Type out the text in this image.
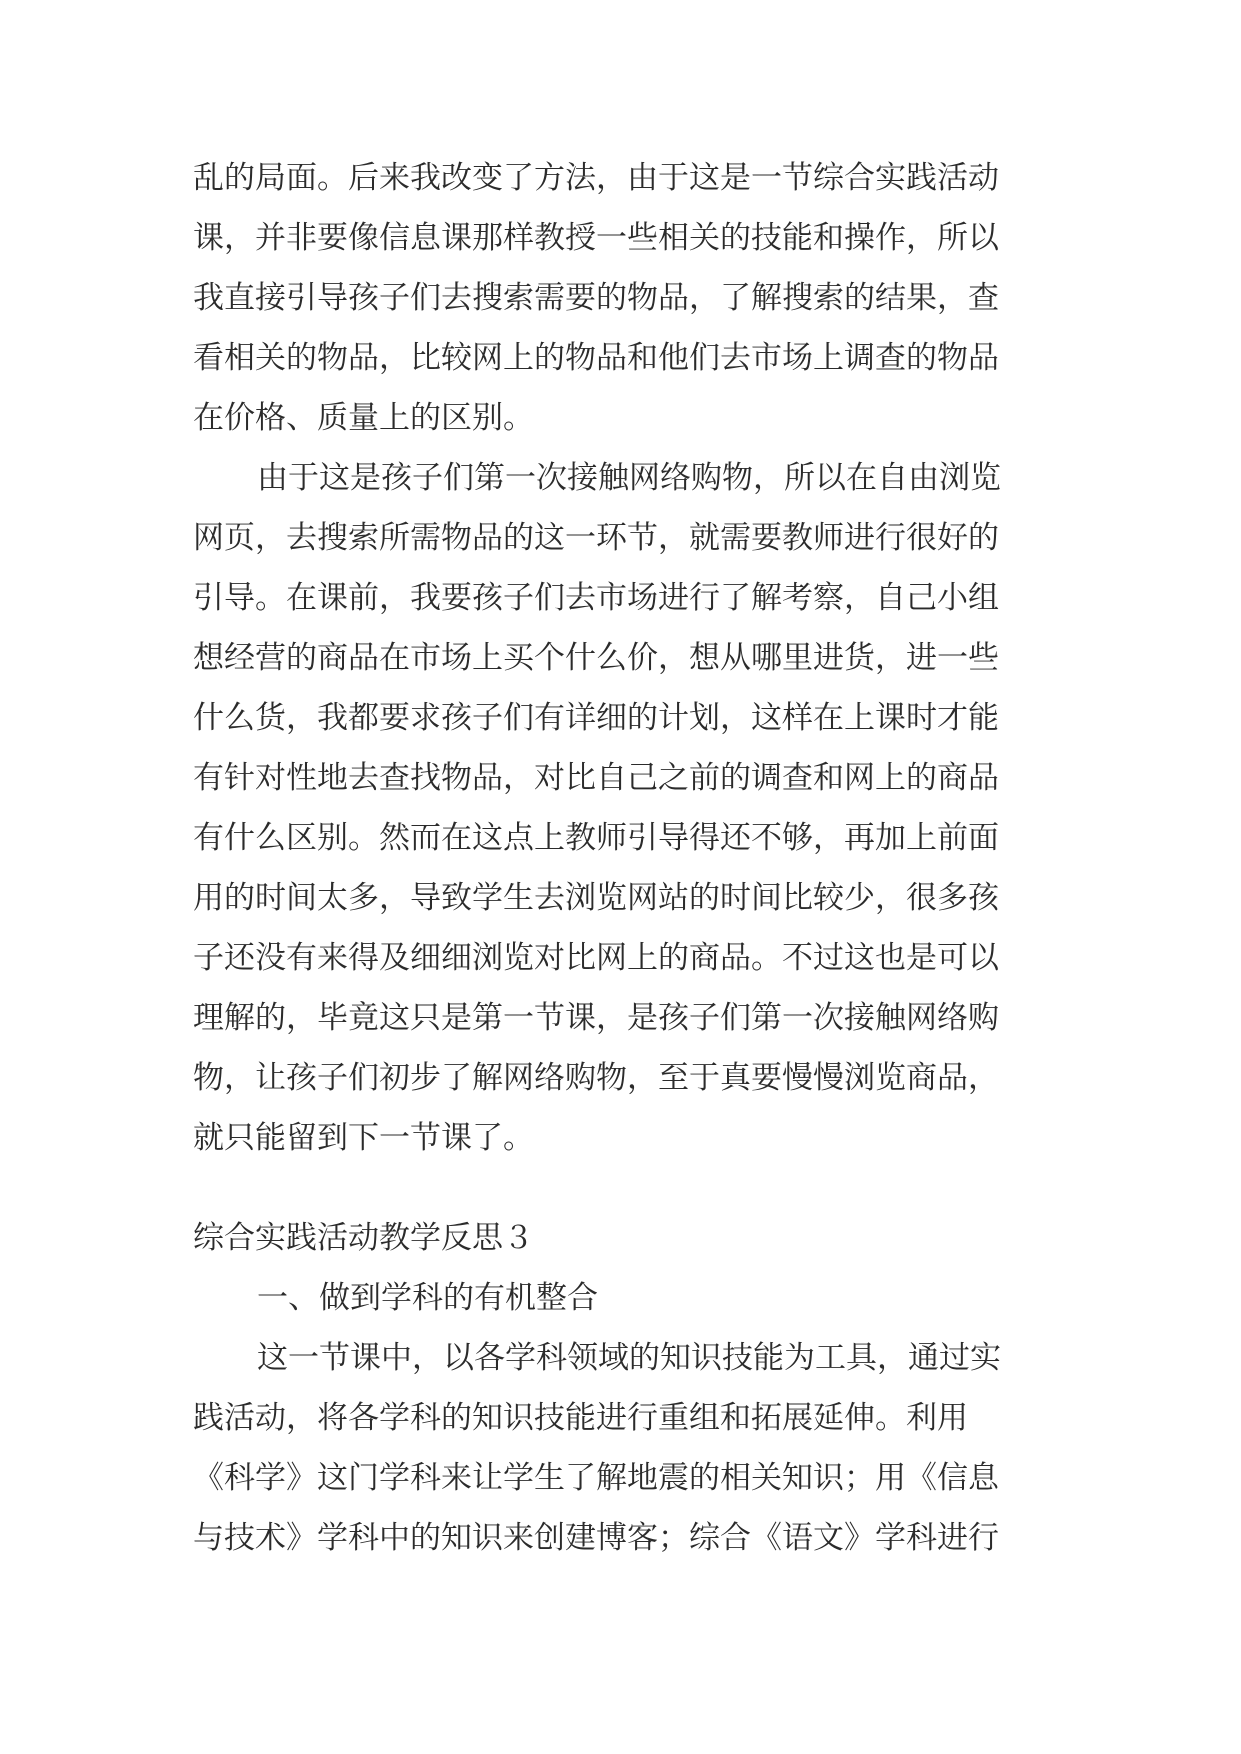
乱的局面。后来我改变了方法，由于这是一节综合实践活动
课，并非要像信息课那样教授一些相关的技能和操作，所以
我直接引导孩子们去搜索需要的物品，了解搜索的结果，查
看相关的物品，比较网上的物品和他们去市场上调查的物品
在价格、质量上的区别。
由于这是孩子们第一次接触网络购物，所以在自由浏览
网页，去搜索所需物品的这一环节，就需要教师进行很好的
引导。在课前，我要孩子们去市场进行了解考察，自己小组
想经营的商品在市场上买个什么价，想从哪里进货，进一些
什么货，我都要求孩子们有详细的计划，这样在上课时才能
有针对性地去查找物品，对比自己之前的调查和网上的商品
有什么区别。然而在这点上教师引导得还不够，再加上前面
用的时间太多，导致学生去浏览网站的时间比较少，很多孩
子还没有来得及细细浏览对比网上的商品。不过这也是可以
理解的，毕竟这只是第一节课，是孩子们第一次接触网络购
物，让孩子们初步了解网络购物，至于真要慢慢浏览商品，
就只能留到下一节课了。
综合实践活动教学反思３
一、做到学科的有机整合
这一节课中，以各学科领域的知识技能为工具，通过实
践活动，将各学科的知识技能进行重组和拓展延伸。利用
《科学》这门学科来让学生了解地震的相关知识；用《信息
与技术》学科中的知识来创建博客；综合《语文》学科进行
